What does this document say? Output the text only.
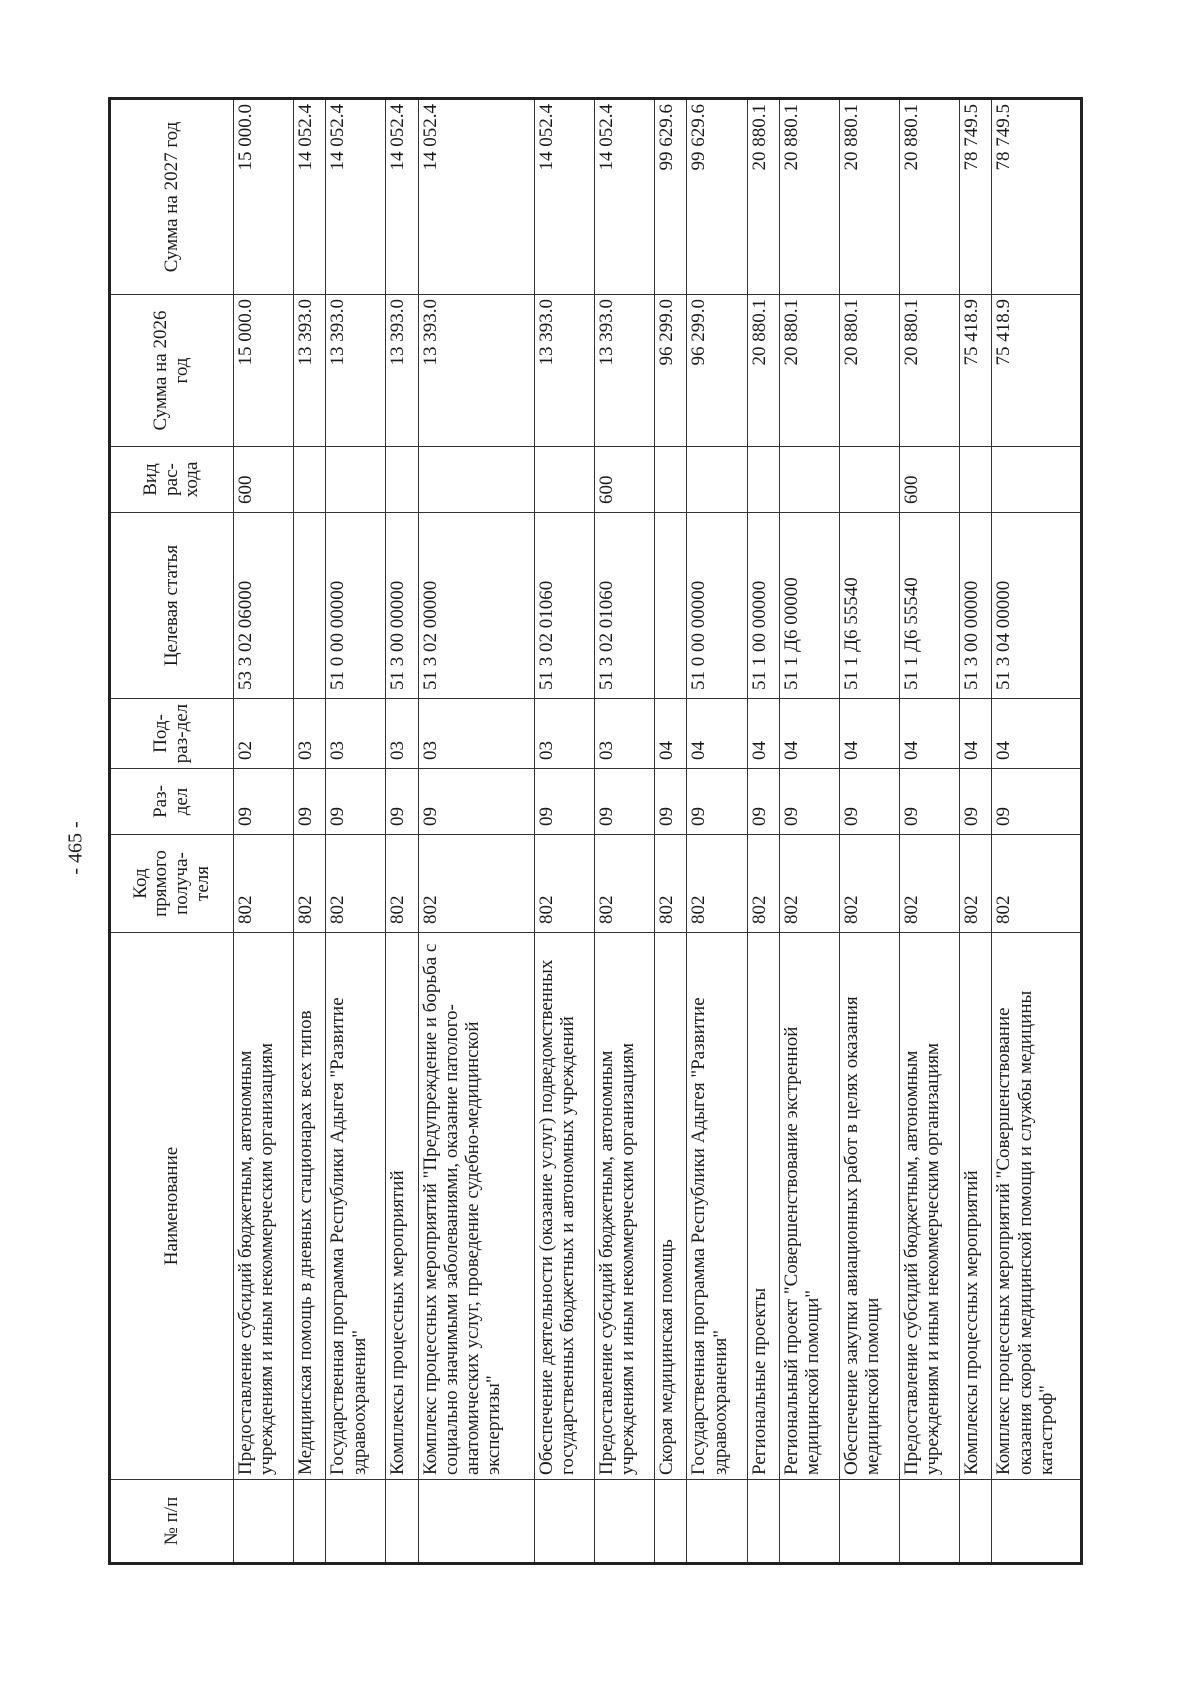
- 465 -
№ п/п	Наименование	Код прямого получа-теля	Раз-дел	Под-раз-дел	Целевая статья	Вид рас-хода	Сумма на 2026 год	Сумма на 2027 год
	Предоставление субсидий бюджетным, автономным учреждениям и иным некоммерческим организациям	802	09	02	53 3 02 06000	600	15 000.0	15 000.0
	Медицинская помощь в дневных стационарах всех типов	802	09	03			13 393.0	14 052.4
	Государственная программа Республики Адыгея "Развитие здравоохранения"	802	09	03	51 0 00 00000		13 393.0	14 052.4
	Комплексы процессных мероприятий	802	09	03	51 3 00 00000		13 393.0	14 052.4
	Комплекс процессных мероприятий "Предупреждение и борьба с социально значимыми заболеваниями, оказание патолого-анатомических услуг, проведение судебно-медицинской экспертизы"	802	09	03	51 3 02 00000		13 393.0	14 052.4
	Обеспечение деятельности (оказание услуг) подведомственных государственных бюджетных и автономных учреждений	802	09	03	51 3 02 01060		13 393.0	14 052.4
	Предоставление субсидий бюджетным, автономным учреждениям и иным некоммерческим организациям	802	09	03	51 3 02 01060	600	13 393.0	14 052.4
	Скорая медицинская помощь	802	09	04			96 299.0	99 629.6
	Государственная программа Республики Адыгея "Развитие здравоохранения"	802	09	04	51 0 00 00000		96 299.0	99 629.6
	Региональные проекты	802	09	04	51 1 00 00000		20 880.1	20 880.1
	Региональный проект "Совершенствование экстренной медицинской помощи"	802	09	04	51 1 Д6 00000		20 880.1	20 880.1
	Обеспечение закупки авиационных работ в целях оказания медицинской помощи	802	09	04	51 1 Д6 55540		20 880.1	20 880.1
	Предоставление субсидий бюджетным, автономным учреждениям и иным некоммерческим организациям	802	09	04	51 1 Д6 55540	600	20 880.1	20 880.1
	Комплексы процессных мероприятий	802	09	04	51 3 00 00000		75 418.9	78 749.5
	Комплекс процессных мероприятий "Совершенствование оказания скорой медицинской помощи и службы медицины катастроф"	802	09	04	51 3 04 00000		75 418.9	78 749.5
